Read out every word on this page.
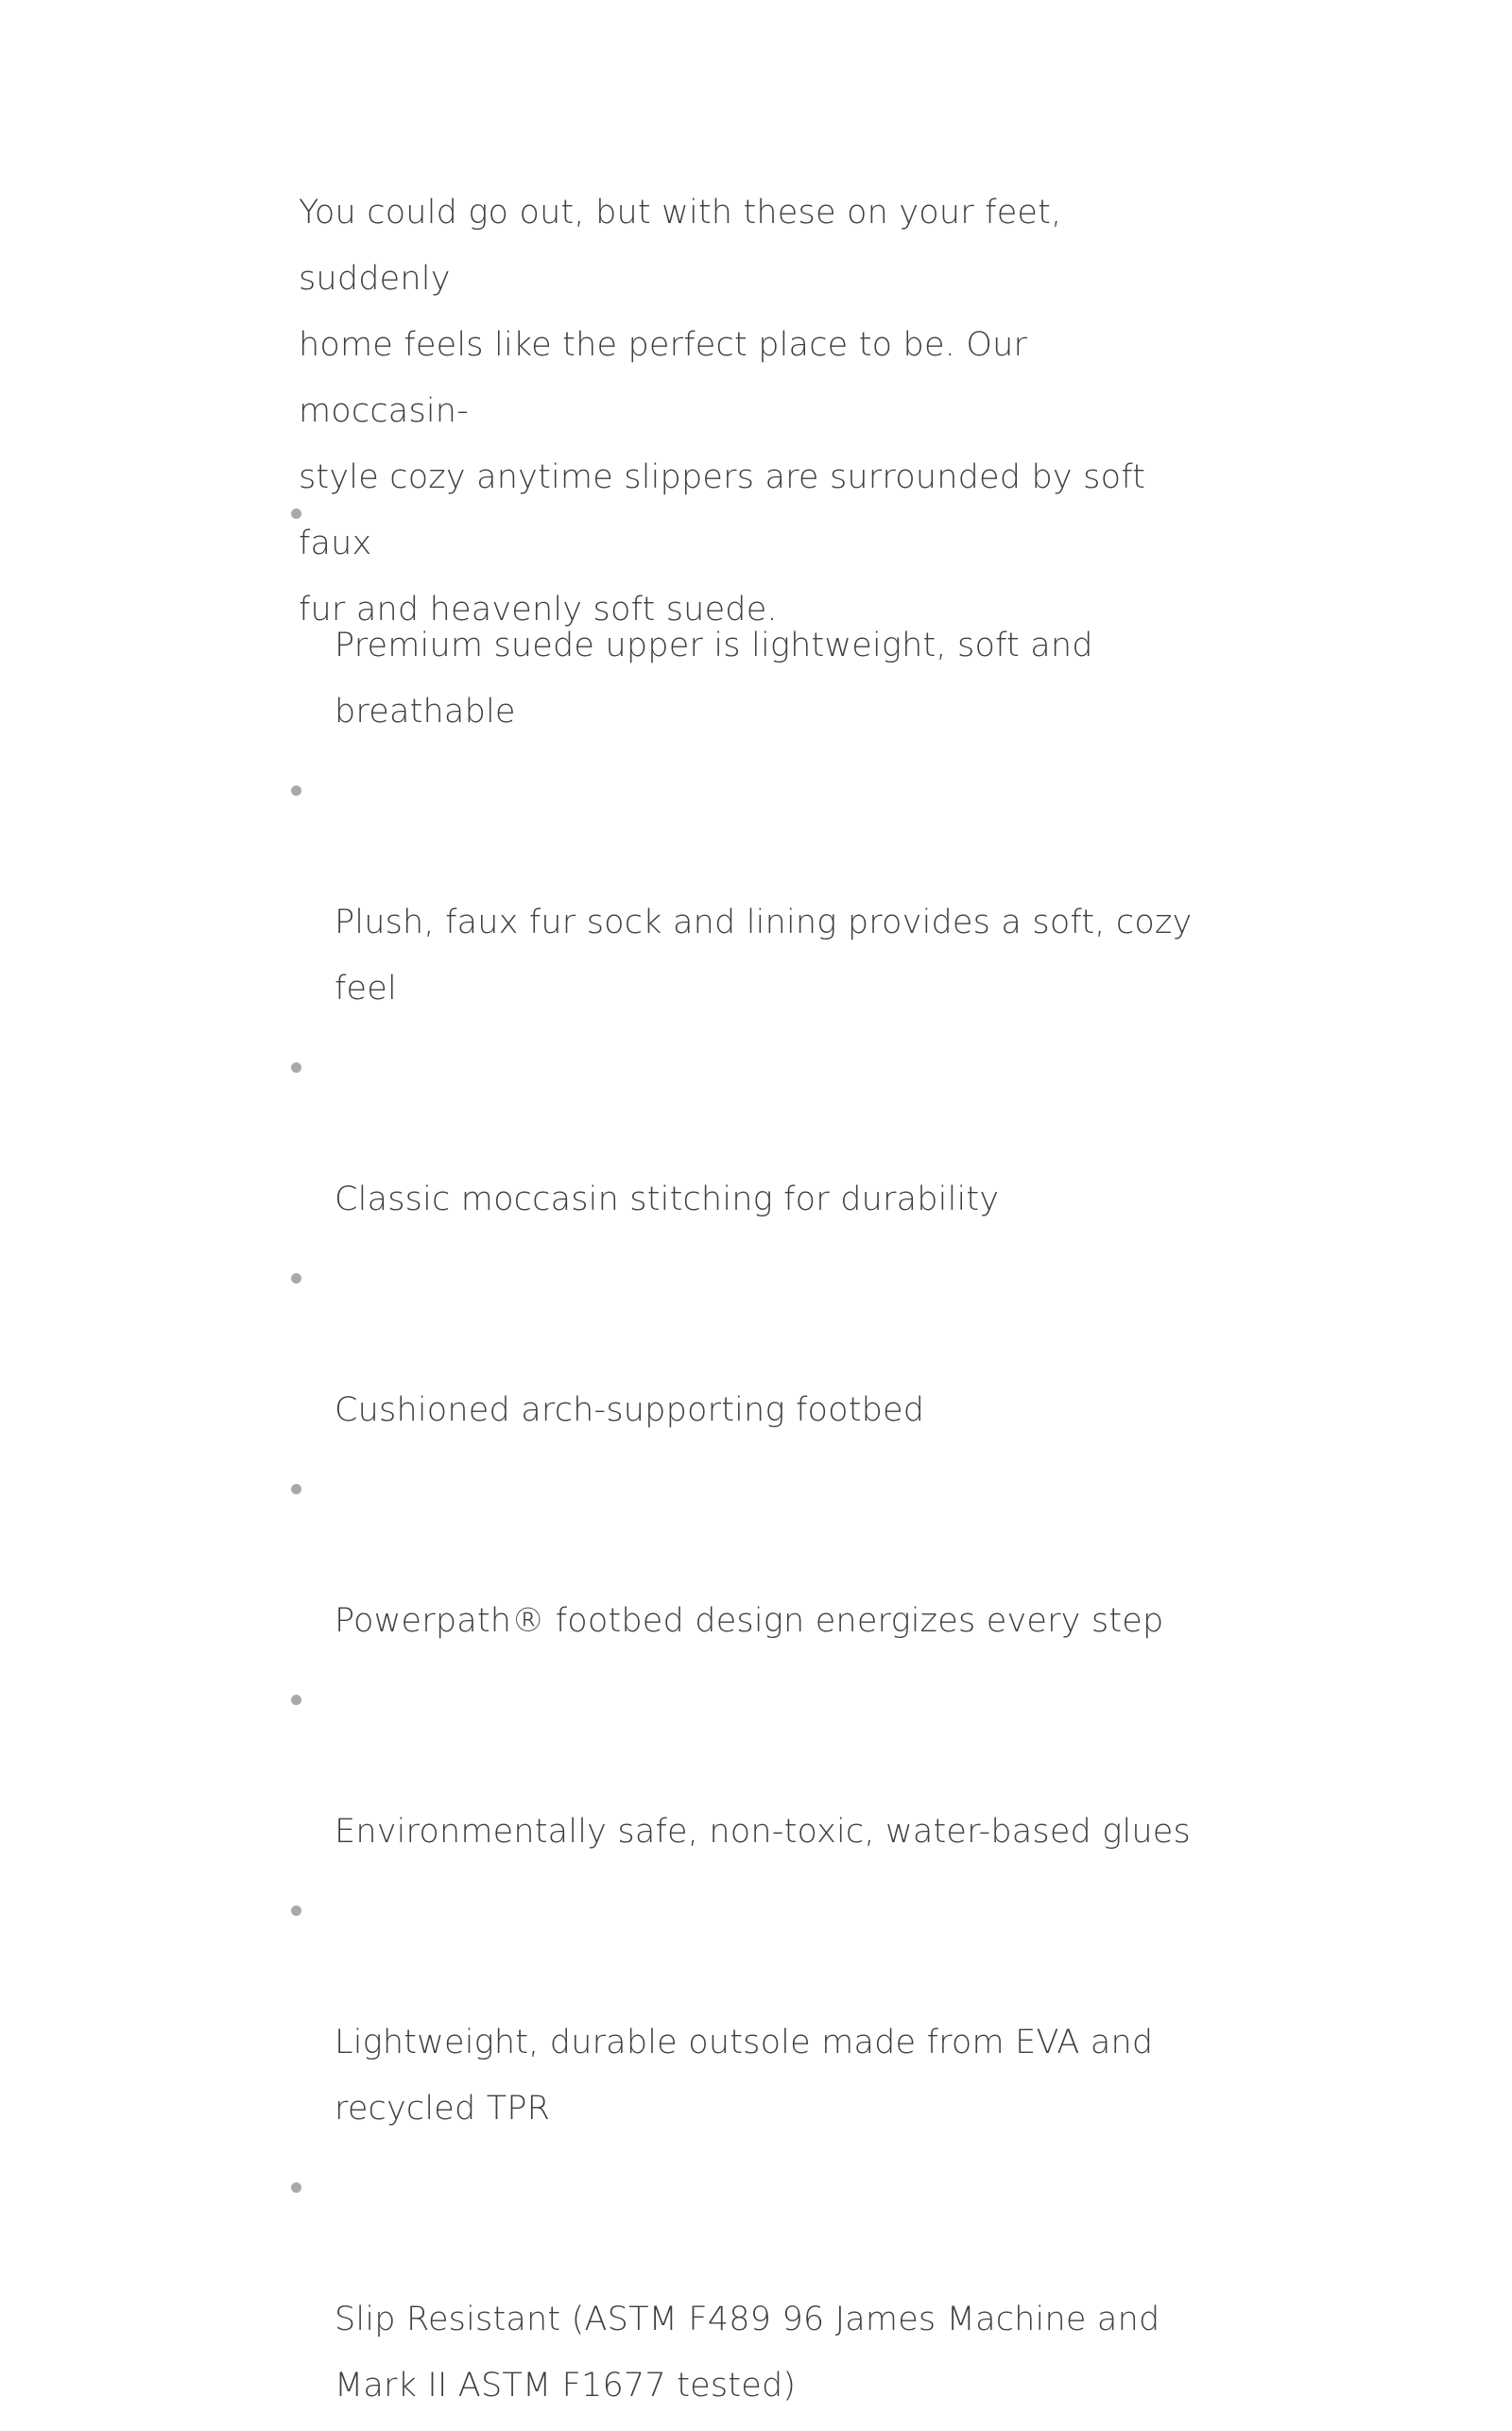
You could go out, but with these on your feet, suddenly
home feels like the perfect place to be. Our moccasin-
style cozy anytime slippers are surrounded by soft faux
fur and heavenly soft suede.

Premium suede upper is lightweight, soft and
breathable

Plush, faux fur sock and lining provides a soft, cozy
feel

Classic moccasin stitching for durability

Cushioned arch-supporting footbed

Powerpath® footbed design energizes every step

Environmentally safe, non-toxic, water-based glues

Lightweight, durable outsole made from EVA and
recycled TPR

Slip Resistant (ASTM F489 96 James Machine and
Mark II ASTM F1677 tested)
